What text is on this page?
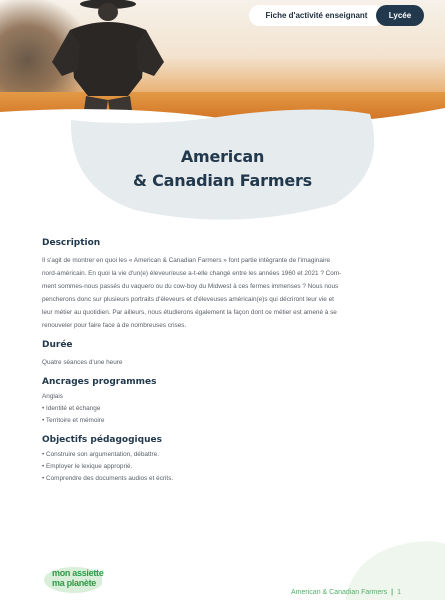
Fiche d'activité enseignant	Lycée
American
& Canadian Farmers
Description

Il s'agit de montrer en quoi les « American & Canadian Farmers » font partie intégrante de l'imaginaire
nord-américain. En quoi la vie d'un(e) éleveur/euse a-t-elle changé entre les années 1960 et 2021 ? Com-
ment sommes-nous passés du vaquero ou du cow-boy du Midwest à ces fermes immenses ? Nous nous
pencherons donc sur plusieurs portraits d'éleveurs et d'éleveuses américain(e)s qui décriront leur vie et
leur métier au quotidien. Par ailleurs, nous étudierons également la façon dont ce métier est amené à se
renouveler pour faire face à de nombreuses crises.

Durée

Quatre séances d'une heure

Ancrages programmes
Anglais
• Identité et échange
• Territoire et mémoire
Objectifs pédagogiques
• Construire son argumentation, débattre.
• Employer le lexique approprié.
• Comprendre des documents audios et écrits.
mon assiette
ma planète
American & Canadian Farmers | 1
